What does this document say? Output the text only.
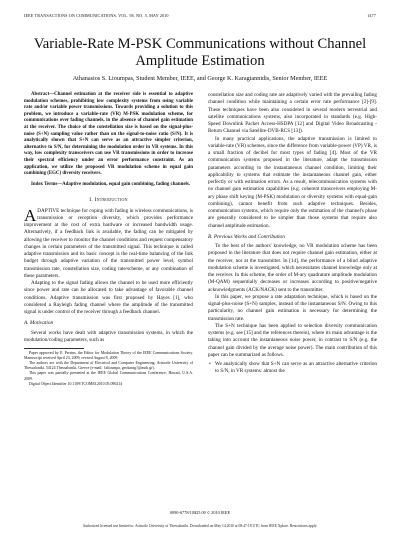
IEEE TRANSACTIONS ON COMMUNICATIONS, VOL. 58, NO. 5, MAY 2010	1477
Variable-Rate M-PSK Communications without Channel Amplitude Estimation
Athanasios S. Lioumpas, Student Member, IEEE, and George K. Karagiannidis, Senior Member, IEEE

Abstract—Channel estimation at the receiver side is essential to adaptive modulation schemes, prohibiting low complexity systems from using variable rate and/or variable power transmissions. Towards providing a solution to this problem, we introduce a variable-rate (VR) M-PSK modulation scheme, for communications over fading channels, in the absence of channel gain estimation at the receiver. The choice of the constellation size is based on the signal-plus-noise (S+N) sampling value rather than on the signal-to-noise ratio (S/N). It is analytically shown that S+N can serve as an attractive simpler criterion, alternative to S/N, for determining the modulation order in VR systems. In this way, low complexity transceivers can use VR transmissions in order to increase their spectral efficiency under an error performance constraint. As an application, we utilize the proposed VR modulation scheme in equal gain combining (EGC) diversity receivers.

Index Terms—Adaptive modulation, equal gain combining, fading channels.

I. Introduction

ADAPTIVE technique for coping with fading in wireless communications, is transmission or reception diversity, which provides performance improvement at the cost of extra hardware or increased bandwidth usage. Alternatively, if a feedback link is available, the fading can be mitigated by allowing the receiver to monitor the channel conditions and request compensatory changes in certain parameters of the transmitted signal. This technique is called adaptive transmission and its basic concept is the real-time balancing of the link budget through adaptive variation of the transmitted power level, symbol transmission rate, constellation size, coding rate/scheme, or any combination of these parameters.

Adapting to the signal fading allows the channel to be used more efficiently since power and rate can be allocated to take advantage of favorable channel conditions. Adaptive transmission was first proposed by Hayes [1], who considered a Rayleigh fading channel where the amplitude of the transmitted signal is under control of the receiver through a feedback channel.

A. Motivation

Several works have dealt with adaptive transmission systems, in which the modulation/coding parameters, such as

Paper approved by E. Perrins, the Editor for Modulation Theory of the IEEE Communications Society. Manuscript received April 23, 2009; revised August 8, 2009.

The authors are with the Department of Electrical and Computer Engineering, Aristotle University of Thessaloniki, 54124 Thessaloniki, Greece (e-mail: {alioumpa, geokarag}@auth.gr).

This paper was partially presented at the IEEE Global Communications Conference, Hawaii, U.S.A. 2009.

Digital Object Identifier 10.1109/TCOMM.2010.05.090214

constellation size and coding rate are adaptively varied with the prevailing fading channel condition while maintaining a certain error rate performance [2]-[9]. These techniques have been also considered in several modern terrestrial and satellite communications systems, also incorporated in standards (e.g. High-Speed Downlink Packet Access-HSDPA [12] and Digital Video Broadcasting - Return Channel via Satellite-DVB-RCS [13]).

In many practical applications, the adaptive transmission is limited to variable-rate (VR) schemes, since the difference from variable-power (VP) VR, is a small fraction of decibel for most types of fading [4]. Most of the VR communication systems proposed in the literature, adapt the transmission parameters according to the instantaneous channel condition, limiting their applicability to systems that estimate the instantaneous channel gain, either perfectly or with estimation errors. As a result, telecommunication systems with no channel gain estimation capabilities (e.g. coherent transceivers employing M-ary phase shift keying (M-PSK) modulation or diversity systems with equal-gain combining), cannot benefit from such adaptive techniques. Besides, communication systems, which require only the estimation of the channel's phase are generally considered to be simpler than those systems that require also channel amplitude estimation.

B. Previous Works and Contribution

To the best of the authors' knowledge, no VR modulation scheme has been proposed in the literature that does not require channel gain estimation, either at the receiver, nor at the transmitter. In [14], the performance of a blind adaptive modulation scheme is investigated, which necessitates channel knowledge only at the receiver. In this scheme, the order of M-ary quadrature amplitude modulation (M-QAM) sequentially decreases or increases according to positive/negative acknowledgments (ACK/NACK) sent to the transmitter.

In this paper, we propose a rate adaptation technique, which is based on the signal-plus-noise (S+N) samples, instead of the instantaneous S/N. Owing to this particularity, no channel gain estimation is necessary for determining the transmission rate.

The S+N technique has been applied to selection diversity communication systems (e.g. see [15] and the references therein), where its main advantage is the taking into account the instantaneous noise power, in contrast to S/N (e.g. the channel gain divided by the average noise power). The main contribution of this paper can be summarized as follows.

• We analytically show that S+N can serve as an attractive alternative criterion to S/N, in VR systems: almost the
0090-6778/10$25.00 © 2010 IEEE
Authorized licensed use limited to: Aristotle University of Thessaloniki. Downloaded on May 14,2010 at 08:47:18 UTC from IEEE Xplore. Restrictions apply.
